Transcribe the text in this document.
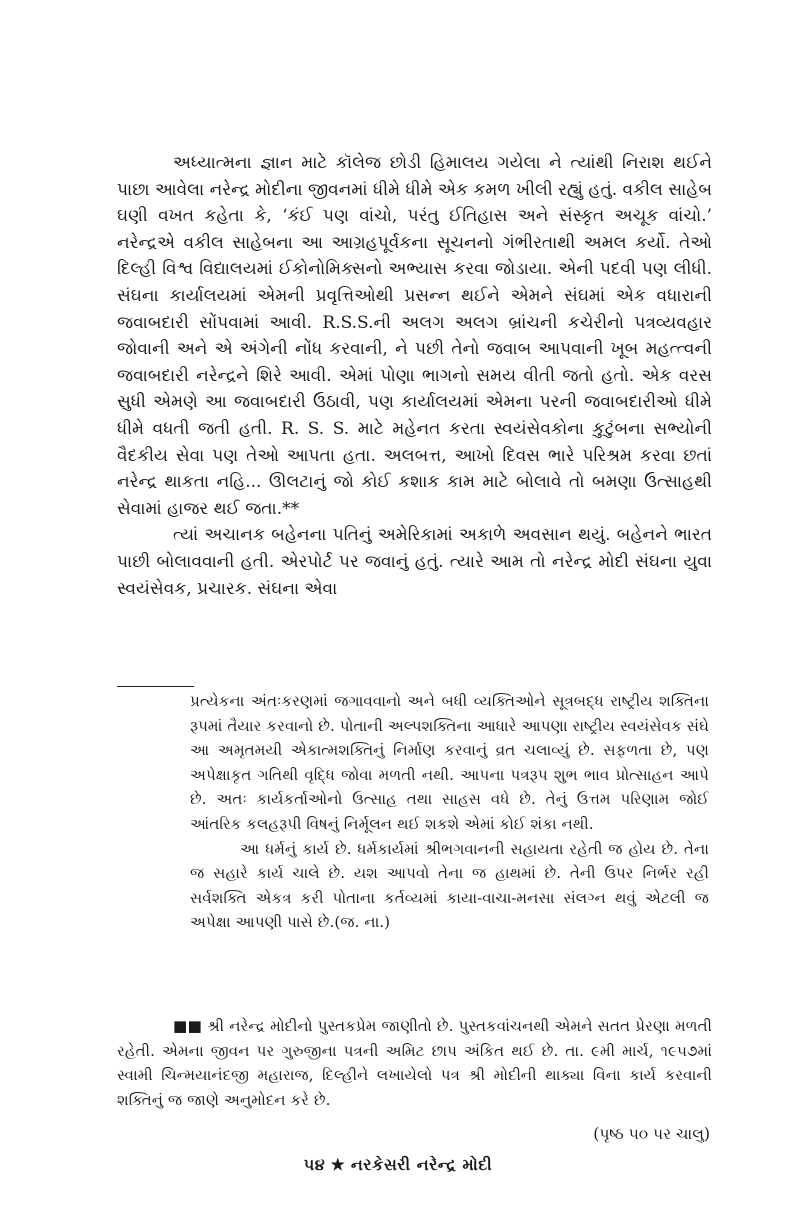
અધ્યાત્મના જ્ઞાન માટે કૉલેજ છોડી હિમાલય ગયેલા ને ત્યાંથી નિરાશ થઈને પાછા આવેલા નરેન્દ્ર મોદીના જીવનમાં ધીમે ધીમે એક કમળ ખીલી રહ્યું હતું. વકીલ સાહેબ ઘણી વખત કહેતા કે, ‘કંઈ પણ વાંચો, પરંતુ ઈતિહાસ અને સંસ્કૃત અચૂક વાંચો.’ નરેન્દ્રએ વકીલ સાહેબના આ આગ્રહપૂર્વકના સૂચનનો ગંભીરતાથી અમલ કર્યો. તેઓ દિલ્હી વિશ્વ વિદ્યાલયમાં ઈકોનોમિક્સનો અભ્યાસ કરવા જોડાયા. એની પદવી પણ લીધી. સંઘના કાર્યાલયમાં એમની પ્રવૃત્તિઓથી પ્રસન્ન થઈને એમને સંઘમાં એક વધારાની જવાબદારી સોંપવામાં આવી. R.S.S.ની અલગ અલગ બ્રાંચની કચેરીનો પત્રવ્યવહાર જોવાની અને એ અંગેની નોંધ કરવાની, ને પછી તેનો જવાબ આપવાની ખૂબ મહત્ત્વની જવાબદારી નરેન્દ્રને શિરે આવી. એમાં પોણા ભાગનો સમય વીતી જતો હતો. એક વરસ સુધી એમણે આ જવાબદારી ઉઠાવી, પણ કાર્યાલયમાં એમના પરની જવાબદારીઓ ધીમે ધીમે વધતી જતી હતી. R. S. S. માટે મહેનત કરતા સ્વયંસેવકોના કુટુંબના સભ્યોની વૈદકીય સેવા પણ તેઓ આપતા હતા. અલબત્ત, આખો દિવસ ભારે પરિશ્રમ કરવા છતાં નરેન્દ્ર થાકતા નહિ... ઊલટાનું જો કોઈ કશાક કામ માટે બોલાવે તો બમણા ઉત્સાહથી સેવામાં હાજર થઈ જતા.**

ત્યાં અચાનક બહેનના પતિનું અમેરિકામાં અકાળે અવસાન થયું. બહેનને ભારત પાછી બોલાવવાની હતી. એરપોર્ટ પર જવાનું હતું. ત્યારે આમ તો નરેન્દ્ર મોદી સંઘના યુવા સ્વયંસેવક, પ્રચારક. સંઘના એવા

પ્રત્યેકના અંતઃકરણમાં જગાવવાનો અને બધી વ્યક્તિઓને સૂત્રબદ્ધ રાષ્ટ્રીય શક્તિના રૂપમાં તૈયાર કરવાનો છે. પોતાની અલ્પશક્તિના આધારે આપણા રાષ્ટ્રીય સ્વયંસેવક સંઘે આ અમૃતમયી એકાત્મશક્તિનું નિર્માણ કરવાનું વ્રત ચલાવ્યું છે. સફળતા છે, પણ અપેક્ષાકૃત ગતિથી વૃદ્ધિ જોવા મળતી નથી. આપના પત્રરૂપ શુભ ભાવ પ્રોત્સાહન આપે છે. અતઃ કાર્યકર્તાઓનો ઉત્સાહ તથા સાહસ વધે છે. તેનું ઉત્તમ પરિણામ જોઈ આંતરિક કલહરૂપી વિષનું નિર્મૂલન થઈ શકશે એમાં કોઈ શંકા નથી.

આ ધર્મનું કાર્ય છે. ધર્મકાર્યમાં શ્રીભગવાનની સહાયતા રહેતી જ હોય છે. તેના જ સહારે કાર્ય ચાલે છે. યશ આપવો તેના જ હાથમાં છે. તેની ઉપર નિર્ભર રહી સર્વશક્તિ એકત્ર કરી પોતાના કર્તવ્યમાં કાયા-વાચા-મનસા સંલગ્ન થવું એટલી જ અપેક્ષા આપણી પાસે છે.(જ. ના.)

■■ શ્રી નરેન્દ્ર મોદીનો પુસ્તકપ્રેમ જાણીતો છે. પુસ્તકવાંચનથી એમને સતત પ્રેરણા મળતી રહેતી. એમના જીવન પર ગુરુજીના પત્રની અમિટ છાપ અંકિત થઈ છે. તા. ૯મી માર્ચ, ૧૯૫૭માં સ્વામી ચિન્મયાનંદજી મહારાજ, દિલ્હીને લખાયેલો પત્ર શ્રી મોદીની થાક્યા વિના કાર્ય કરવાની શક્તિનું જ જાણે અનુમોદન કરે છે.

(પૃષ્ઠ ૫૦ પર ચાલુ)
૫૪ ★ નરકેસરી નરેન્દ્ર મોદી
